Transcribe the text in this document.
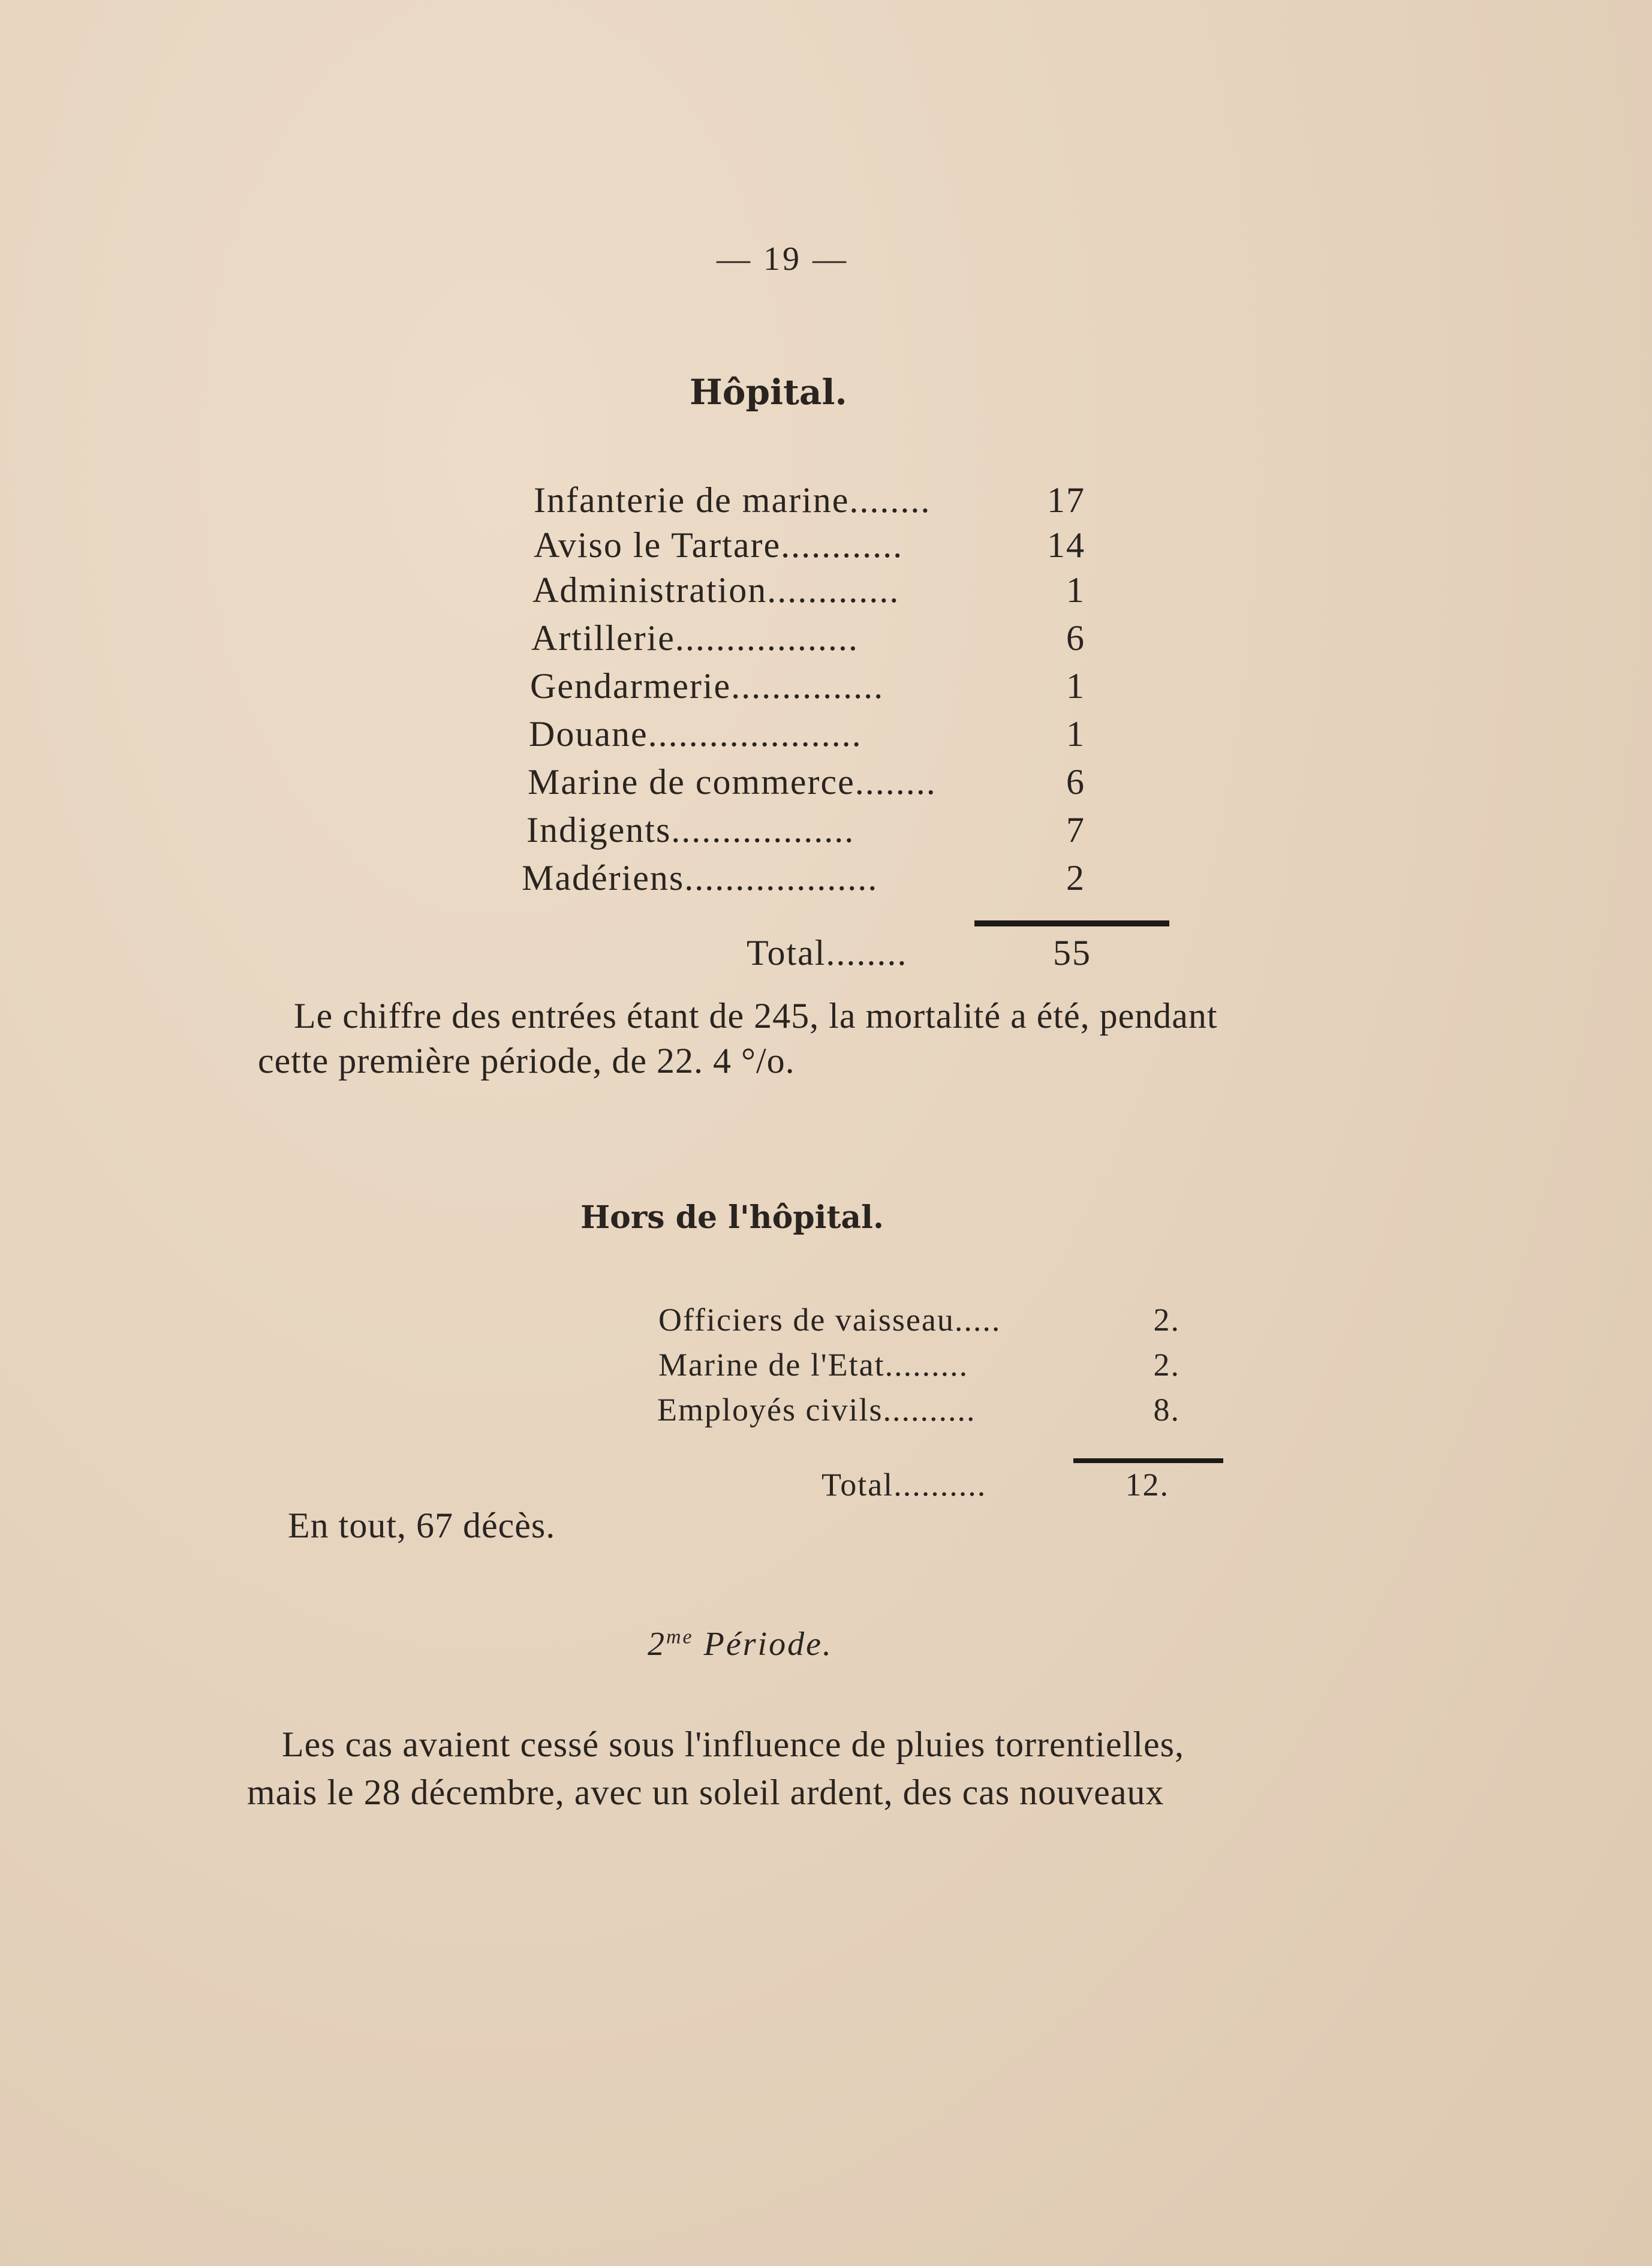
— 19 —
Hôpital.
Infanterie de marine........	17
Aviso le Tartare............	14
Administration.............	1
Artillerie..................	6
Gendarmerie...............	1
Douane.....................	1
Marine de commerce........	6
Indigents..................	7
Madériens...................	2
Total........	55
Le chiffre des entrées étant de 245, la mortalité a été, pendant
cette première période, de 22. 4 °/o.
Hors de l'hôpital.
Officiers de vaisseau.....	2.
Marine de l'Etat.........	2.
Employés civils..........	8.
Total..........	12.
En tout, 67 décès.
$2^{me}$ Période.
Les cas avaient cessé sous l'influence de pluies torrentielles,
mais le 28 décembre, avec un soleil ardent, des cas nouveaux
